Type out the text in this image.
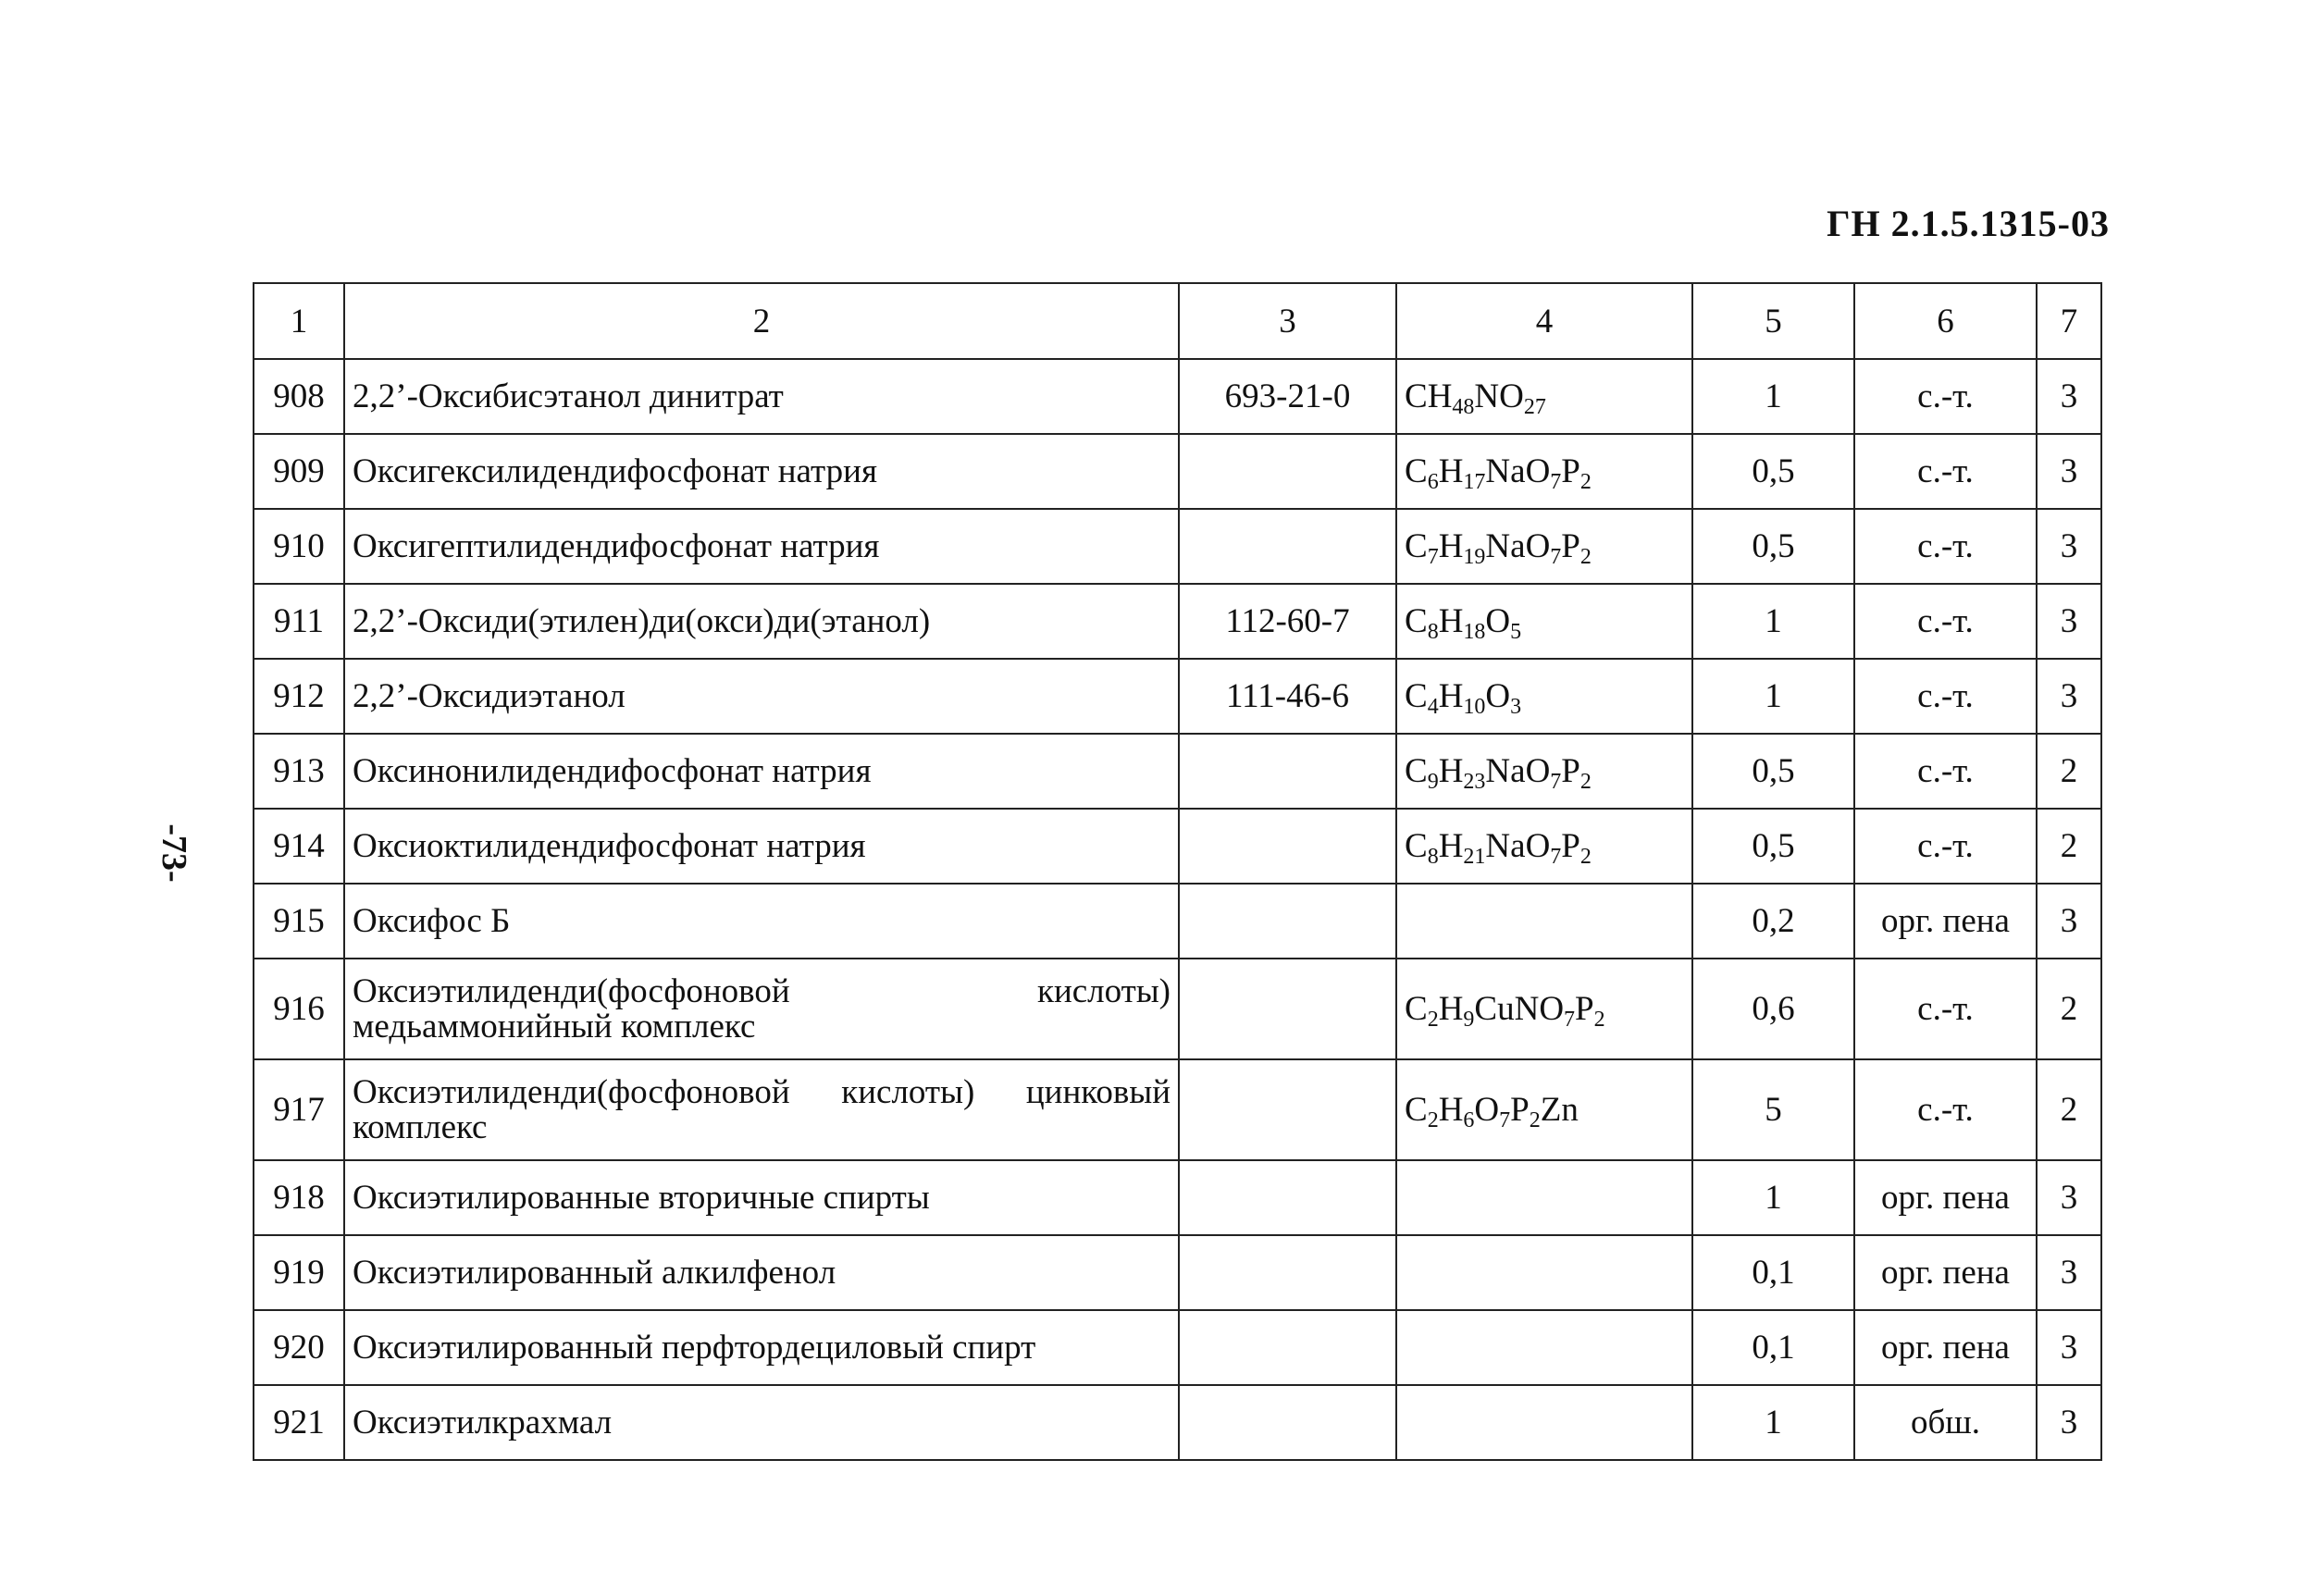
ГН 2.1.5.1315-03
-73-
1	2	3	4	5	6	7
908	2,2’-Оксибисэтанол динитрат	693-21-0	$CH_{48}NO_{27}$	1	с.-т.	3
909	Оксигексилидендифосфонат натрия		$C_6H_{17}NaO_7P_2$	0,5	с.-т.	3
910	Оксигептилидендифосфонат натрия		$C_7H_{19}NaO_7P_2$	0,5	с.-т.	3
911	2,2’-Оксиди(этилен)ди(окси)ди(этанол)	112-60-7	$C_8H_{18}O_5$	1	с.-т.	3
912	2,2’-Оксидиэтанол	111-46-6	$C_4H_{10}O_3$	1	с.-т.	3
913	Оксинонилидендифосфонат натрия		$C_9H_{23}NaO_7P_2$	0,5	с.-т.	2
914	Оксиоктилидендифосфонат натрия		$C_8H_{21}NaO_7P_2$	0,5	с.-т.	2
915	Оксифос Б			0,2	орг. пена	3
916	Оксиэтилиденди(фосфоновой кислоты) медьаммонийный комплекс		$C_2H_9CuNO_7P_2$	0,6	с.-т.	2
917	Оксиэтилиденди(фосфоновой кислоты) цинковый комплекс		$C_2H_6O_7P_2Zn$	5	с.-т.	2
918	Оксиэтилированные вторичные спирты			1	орг. пена	3
919	Оксиэтилированный алкилфенол			0,1	орг. пена	3
920	Оксиэтилированный перфтордециловый спирт			0,1	орг. пена	3
921	Оксиэтилкрахмал			1	обш.	3
